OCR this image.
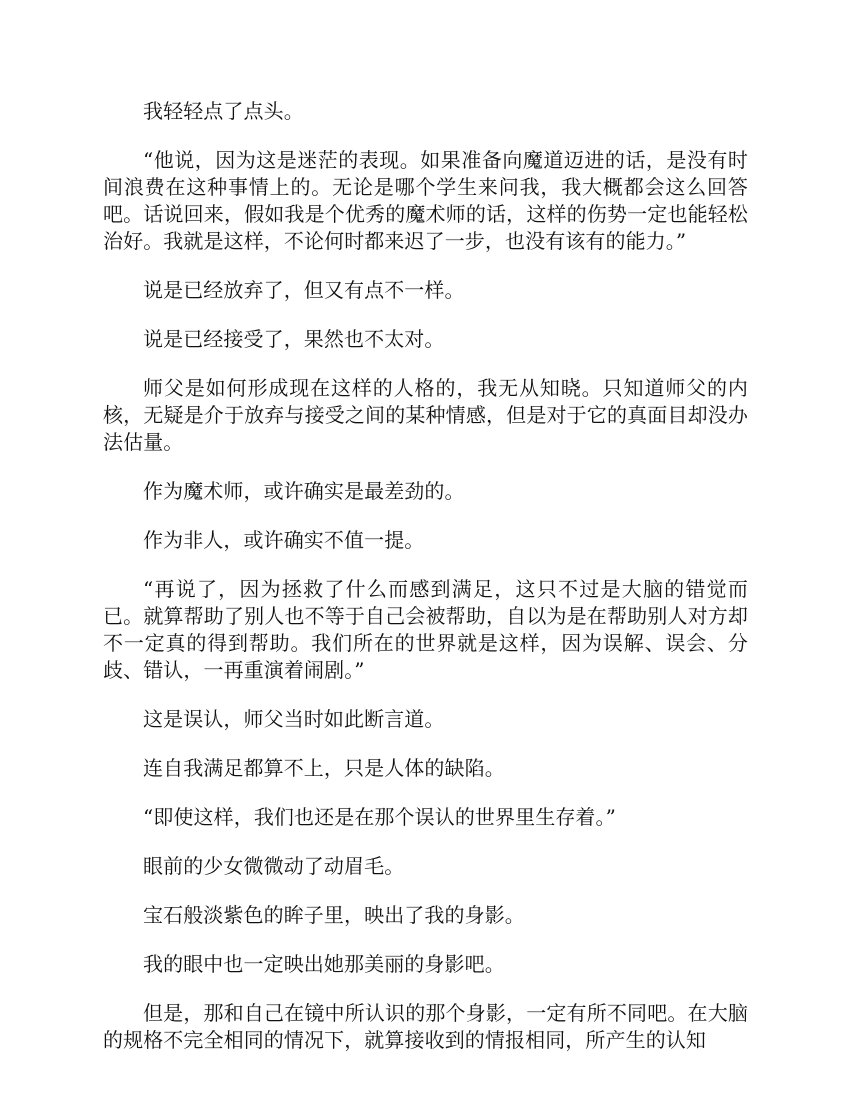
我轻轻点了点头。

“他说，因为这是迷茫的表现。如果准备向魔道迈进的话，是没有时间浪费在这种事情上的。无论是哪个学生来问我，我大概都会这么回答吧。话说回来，假如我是个优秀的魔术师的话，这样的伤势一定也能轻松治好。我就是这样，不论何时都来迟了一步，也没有该有的能力。”

说是已经放弃了，但又有点不一样。

说是已经接受了，果然也不太对。

师父是如何形成现在这样的人格的，我无从知晓。只知道师父的内核，无疑是介于放弃与接受之间的某种情感，但是对于它的真面目却没办法估量。

作为魔术师，或许确实是最差劲的。

作为非人，或许确实不值一提。

“再说了，因为拯救了什么而感到满足，这只不过是大脑的错觉而已。就算帮助了别人也不等于自己会被帮助，自以为是在帮助别人对方却不一定真的得到帮助。我们所在的世界就是这样，因为误解、误会、分歧、错认，一再重演着闹剧。”

这是误认，师父当时如此断言道。

连自我满足都算不上，只是人体的缺陷。

“即使这样，我们也还是在那个误认的世界里生存着。”

眼前的少女微微动了动眉毛。

宝石般淡紫色的眸子里，映出了我的身影。

我的眼中也一定映出她那美丽的身影吧。

但是，那和自己在镜中所认识的那个身影，一定有所不同吧。在大脑的规格不完全相同的情况下，就算接收到的情报相同，所产生的认知
